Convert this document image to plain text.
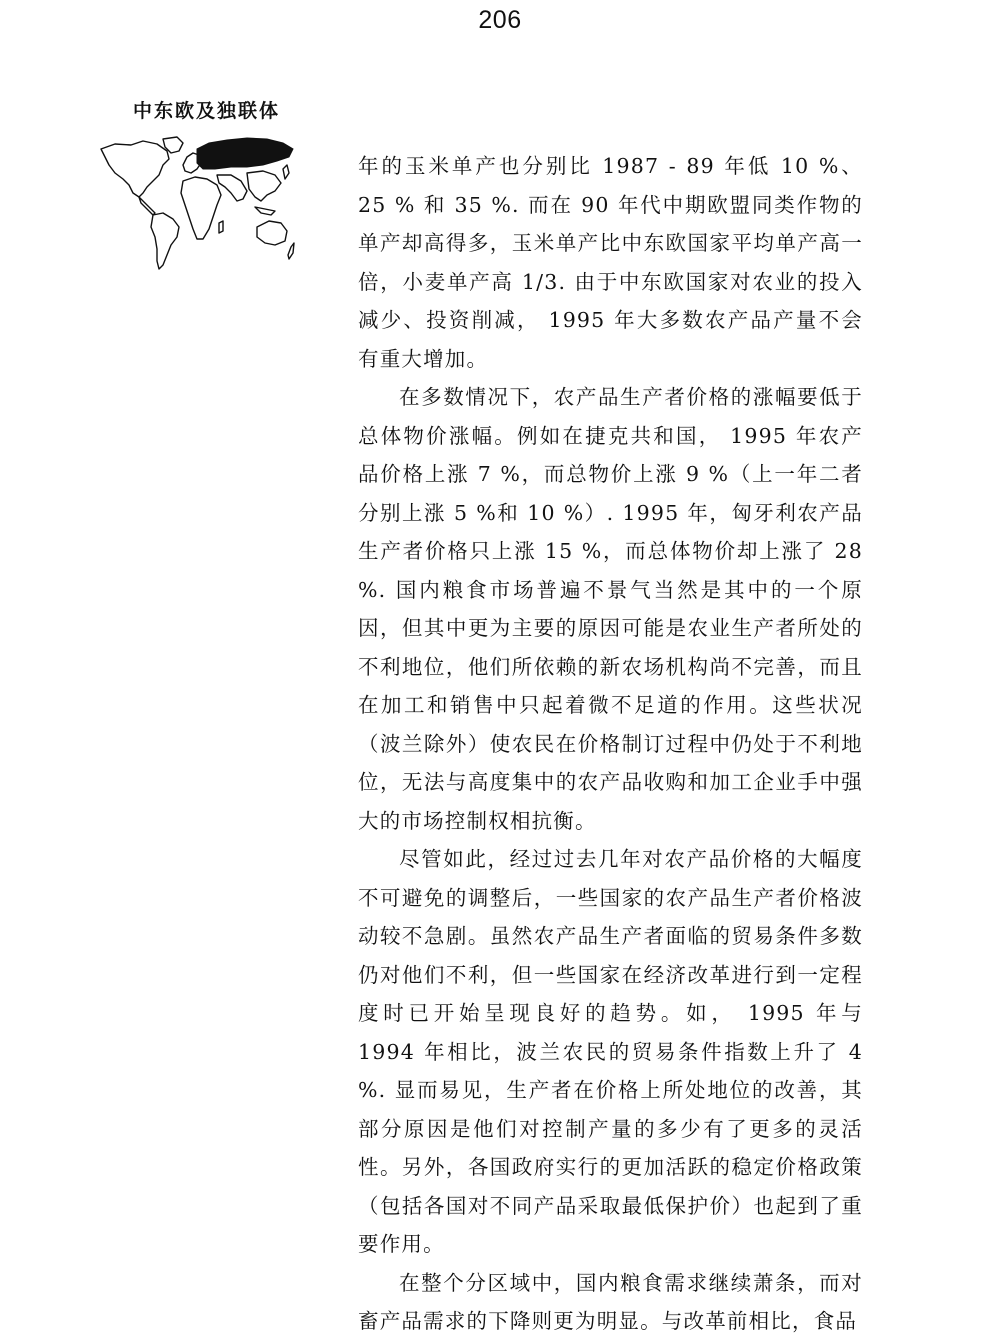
206
中东欧及独联体

年的玉米单产也分别比 1987 - 89 年低 10 %、 25 % 和 35 %. 而在 90 年代中期欧盟同类作物的单产却高得多，玉米单产比中东欧国家平均单产高一倍，小麦单产高 1/3. 由于中东欧国家对农业的投入减少、投资削减， 1995 年大多数农产品产量不会有重大增加。

在多数情况下，农产品生产者价格的涨幅要低于总体物价涨幅。例如在捷克共和国， 1995 年农产品价格上涨 7 %，而总物价上涨 9 %（上一年二者分别上涨 5 %和 10 %）. 1995 年，匈牙利农产品生产者价格只上涨 15 %，而总体物价却上涨了 28 %. 国内粮食市场普遍不景气当然是其中的一个原因，但其中更为主要的原因可能是农业生产者所处的不利地位，他们所依赖的新农场机构尚不完善，而且在加工和销售中只起着微不足道的作用。这些状况（波兰除外）使农民在价格制订过程中仍处于不利地位，无法与高度集中的农产品收购和加工企业手中强大的市场控制权相抗衡。

尽管如此，经过过去几年对农产品价格的大幅度不可避免的调整后，一些国家的农产品生产者价格波动较不急剧。虽然农产品生产者面临的贸易条件多数仍对他们不利，但一些国家在经济改革进行到一定程度时已开始呈现良好的趋势。如， 1995 年与 1994 年相比，波兰农民的贸易条件指数上升了 4 %. 显而易见，生产者在价格上所处地位的改善，其部分原因是他们对控制产量的多少有了更多的灵活性。另外，各国政府实行的更加活跃的稳定价格政策（包括各国对不同产品采取最低保护价）也起到了重要作用。

在整个分区域中，国内粮食需求继续萧条，而对畜产品需求的下降则更为明显。与改革前相比，食品
